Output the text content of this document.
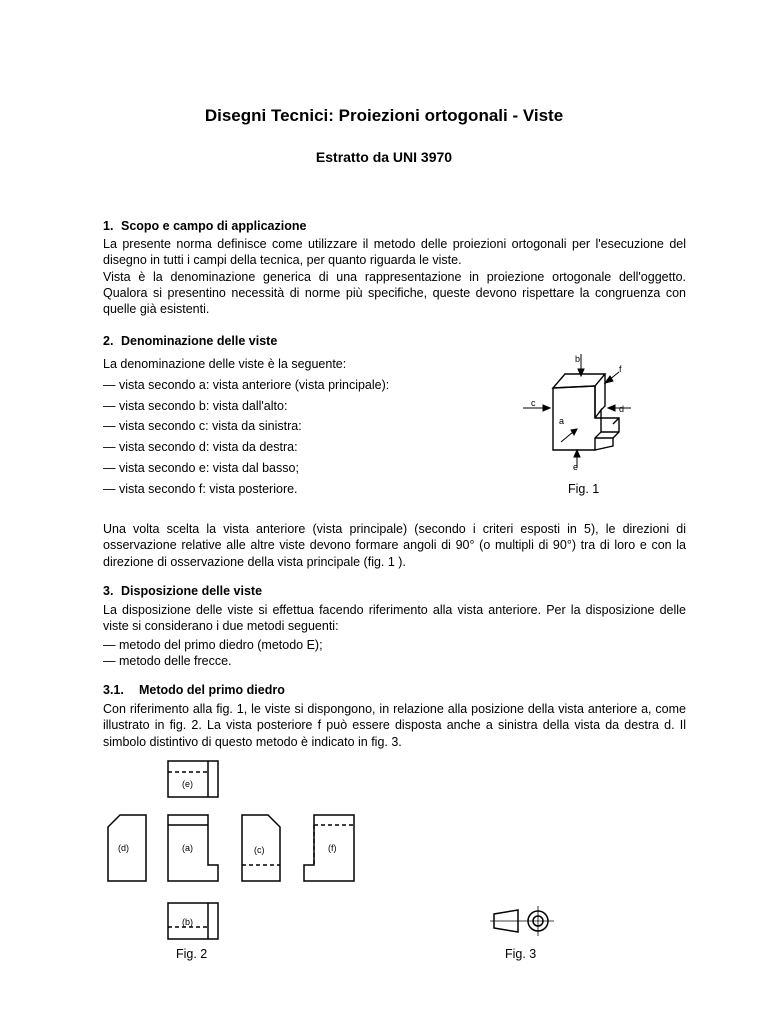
Disegni Tecnici: Proiezioni ortogonali - Viste
Estratto da UNI 3970
1. Scopo e campo di applicazione

La presente norma definisce come utilizzare il metodo delle proiezioni ortogonali per l'esecuzione del disegno in tutti i campi della tecnica, per quanto riguarda le viste.

Vista è la denominazione generica di una rappresentazione in proiezione ortogonale dell'oggetto. Qualora si presentino necessità di norme più specifiche, queste devono rispettare la congruenza con quelle già esistenti.

2. Denominazione delle viste
La denominazione delle viste è la seguente:
— vista secondo a: vista anteriore (vista principale):
— vista secondo b: vista dall'alto:
— vista secondo c: vista da sinistra:
— vista secondo d: vista da destra:
— vista secondo e: vista dal basso;
— vista secondo f: vista posteriore.
b
f
c
d
a
e
Fig. 1
Una volta scelta la vista anteriore (vista principale) (secondo i criteri esposti in 5), le direzioni di osservazione relative alle altre viste devono formare angoli di 90° (o multipli di 90°) tra di loro e con la direzione di osservazione della vista principale (fig. 1 ).
3. Disposizione delle viste
La disposizione delle viste si effettua facendo riferimento alla vista anteriore. Per la disposizione delle viste si considerano i due metodi seguenti:

— metodo del primo diedro (metodo E);

— metodo delle frecce.

3.1. Metodo del primo diedro
Con riferimento alla fig. 1, le viste si dispongono, in relazione alla posizione della vista anteriore a, come illustrato in fig. 2. La vista posteriore f può essere disposta anche a sinistra della vista da destra d. Il simbolo distintivo di questo metodo è indicato in fig. 3.
(e)
(d)	(a)	(c)	(f)
(b)
Fig. 2	Fig. 3
